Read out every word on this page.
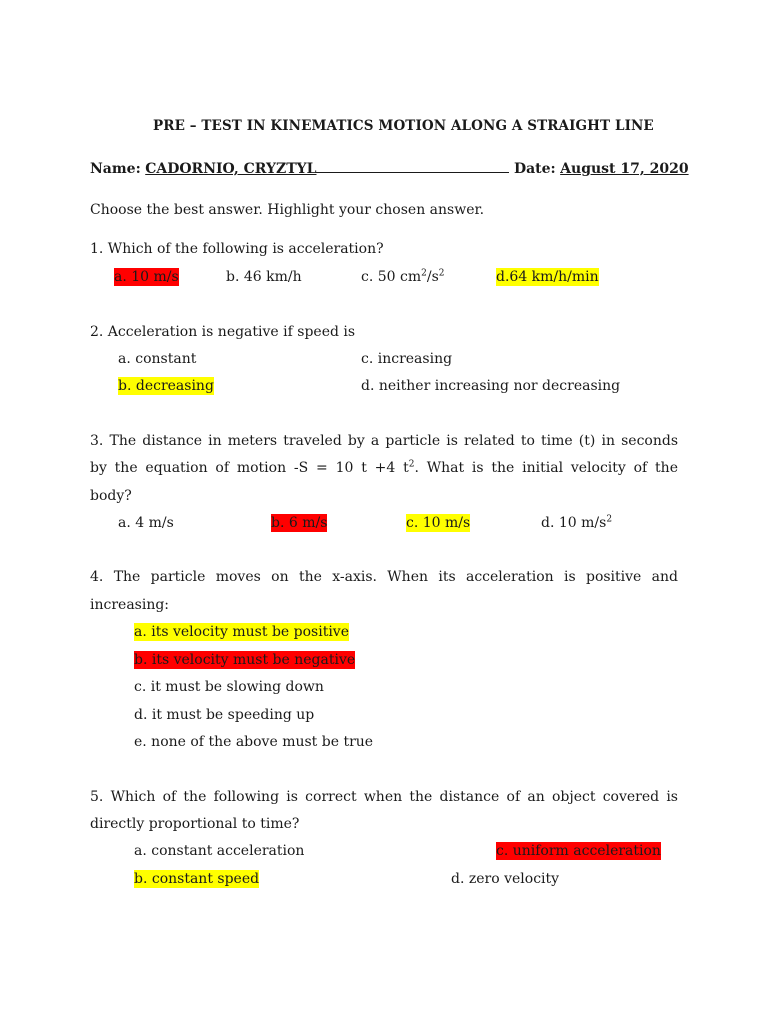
PRE – TEST IN KINEMATICS MOTION ALONG A STRAIGHT LINE
Name: CADORNIO, CRYZTYL	Date: August 17, 2020
Choose the best answer. Highlight your chosen answer.
1. Which of the following is acceleration?
a. 10 m/s	b. 46 km/h	c. 50 $cm^2/s^2$	d.64 km/h/min
2. Acceleration is negative if speed is
a. constant	c. increasing
b. decreasing	d. neither increasing nor decreasing
3. The distance in meters traveled by a particle is related to time (t) in seconds
by the equation of motion -S = 10 t +4 $t^2$. What is the initial velocity of the
body?
a. 4 m/s	b. 6 m/s	c. 10 m/s	d. 10 $m/s^2$
4. The particle moves on the x-axis. When its acceleration is positive and
increasing:
a. its velocity must be positive
b. its velocity must be negative
c. it must be slowing down
d. it must be speeding up
e. none of the above must be true
5. Which of the following is correct when the distance of an object covered is
directly proportional to time?
a. constant acceleration	c. uniform acceleration
b. constant speed	d. zero velocity
